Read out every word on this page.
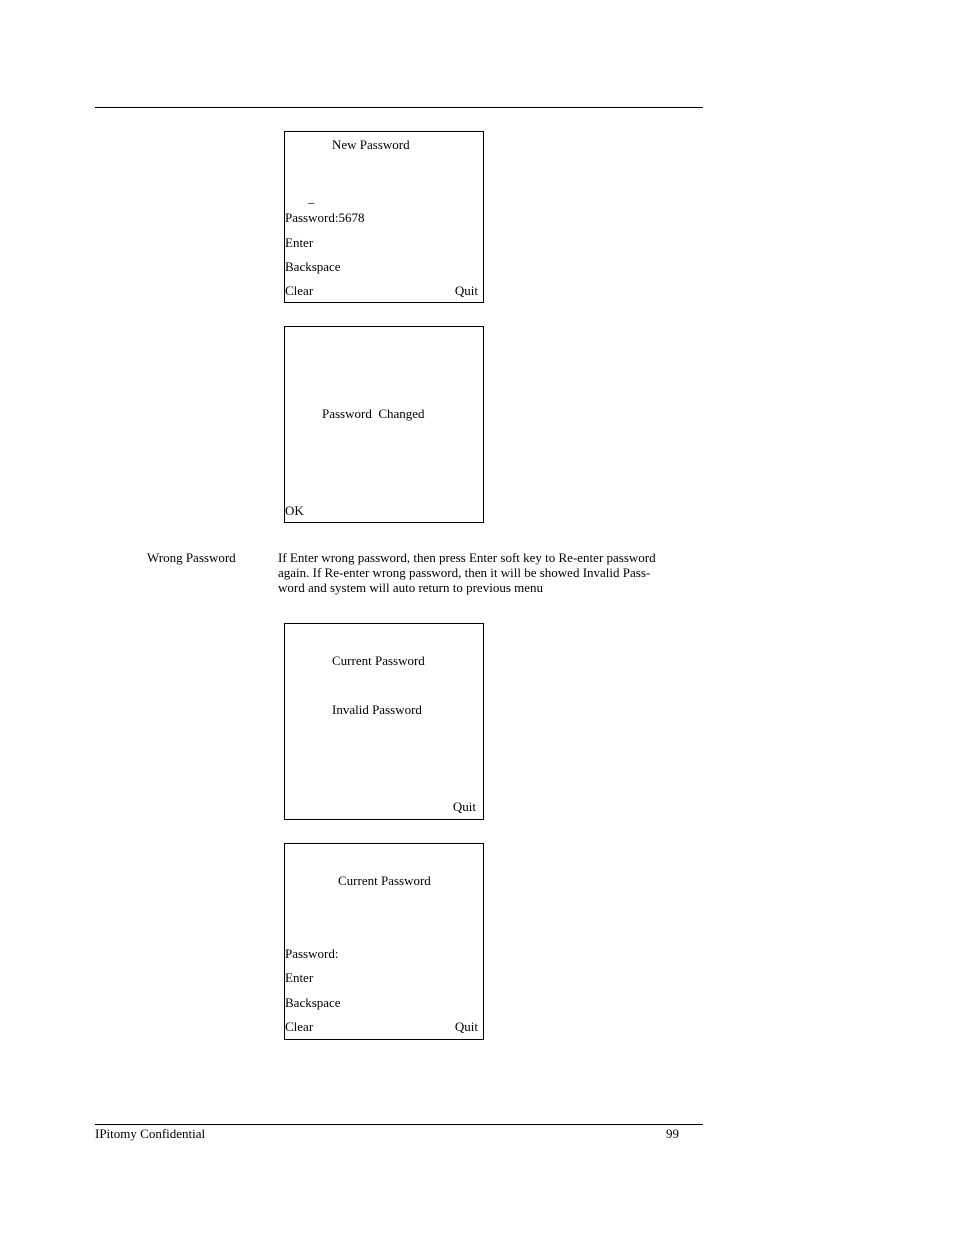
New Password
_
Password:5678
Enter
Backspace
Clear	Quit
Password  Changed
OK
Wrong Password	If Enter wrong password, then press Enter soft key to Re-enter password
again. If Re-enter wrong password, then it will be showed Invalid Pass-
word and system will auto return to previous menu
Current Password
Invalid Password
Quit
Current Password
Password:
Enter
Backspace
Clear	Quit
IPitomy Confidential	99
